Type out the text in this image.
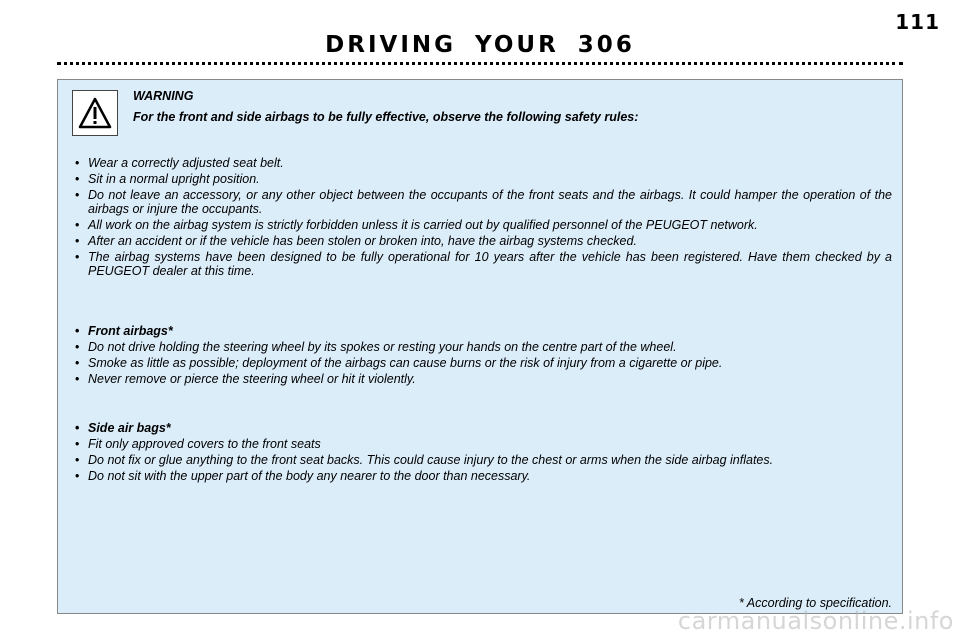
111
DRIVING YOUR 306
WARNING
For the front and side airbags to be fully effective, observe the following safety rules:
• Wear a correctly adjusted seat belt.
• Sit in a normal upright position.
• Do not leave an accessory, or any other object between the occupants of the front seats and the airbags. It could hamper the operation of the airbags or injure the occupants.
• All work on the airbag system is strictly forbidden unless it is carried out by qualified personnel of the PEUGEOT network.
• After an accident or if the vehicle has been stolen or broken into, have the airbag systems checked.
• The airbag systems have been designed to be fully operational for 10 years after the vehicle has been registered. Have them checked by a PEUGEOT dealer at this time.
• Front airbags*
• Do not drive holding the steering wheel by its spokes or resting your hands on the centre part of the wheel.
• Smoke as little as possible; deployment of the airbags can cause burns or the risk of injury from a cigarette or pipe.
• Never remove or pierce the steering wheel or hit it violently.
• Side air bags*
• Fit only approved covers to the front seats
• Do not fix or glue anything to the front seat backs. This could cause injury to the chest or arms when the side airbag inflates.
• Do not sit with the upper part of the body any nearer to the door than necessary.
* According to specification.
carmanualsonline.info
